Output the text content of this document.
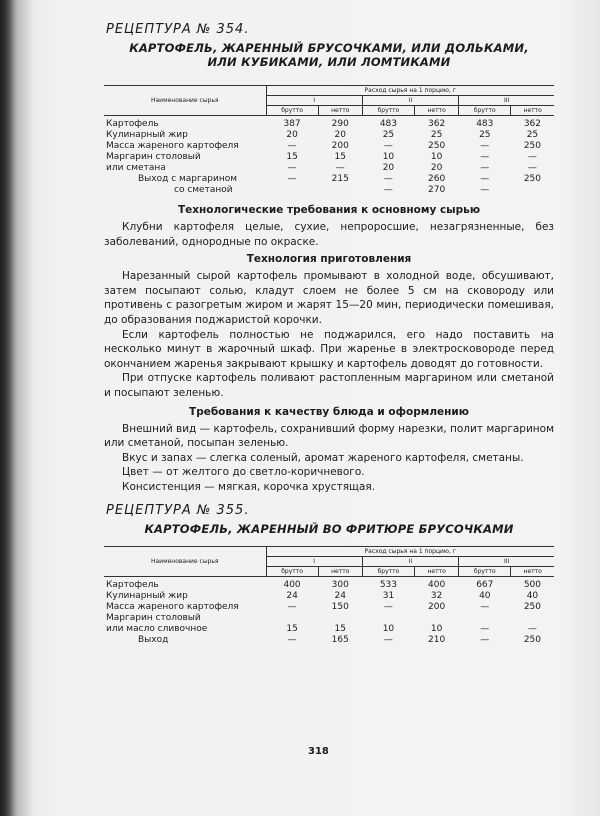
РЕЦЕПТУРА № 354.
КАРТОФЕЛЬ, ЖАРЕННЫЙ БРУСОЧКАМИ, ИЛИ ДОЛЬКАМИ,
ИЛИ КУБИКАМИ, ИЛИ ЛОМТИКАМИ
Наименование сырья	Расход сырья на 1 порцию, г					
	I		II		III	
	брутто	нетто	брутто	нетто	брутто	нетто
Картофель	387	290	483	362	483	362
Кулинарный жир	20	20	25	25	25	25
Масса жареного картофеля	—	200	—	250	—	250
Маргарин столовый	15	15	10	10	—	—
или сметана	—	—	20	20	—	—
Выход с маргарином	—	215	—	260	—	250
со сметаной			—	270	—	
Технологические требования к основному сырью

Клубни картофеля целые, сухие, непроросшие, незагрязненные, без заболеваний, однородные по окраске.

Технология приготовления

Нарезанный сырой картофель промывают в холодной воде, обсушивают, затем посыпают солью, кладут слоем не более 5 см на сковороду или противень с разогретым жиром и жарят 15—20 мин, периодически помешивая, до образования поджаристой корочки.

Если картофель полностью не поджарился, его надо поставить на несколько минут в жарочный шкаф. При жаренье в электросковороде перед окончанием жаренья закрывают крышку и картофель доводят до готовности.

При отпуске картофель поливают растопленным маргарином или сметаной и посыпают зеленью.

Требования к качеству блюда и оформлению

Внешний вид — картофель, сохранивший форму нарезки, полит маргарином или сметаной, посыпан зеленью.

Вкус и запах — слегка соленый, аромат жареного картофеля, сметаны.

Цвет — от желтого до светло-коричневого.

Консистенция — мягкая, корочка хрустящая.

РЕЦЕПТУРА № 355.
КАРТОФЕЛЬ, ЖАРЕННЫЙ ВО ФРИТЮРЕ БРУСОЧКАМИ
Наименование сырья	Расход сырья на 1 порцию, г					
	I		II		III	
	брутто	нетто	брутто	нетто	брутто	нетто
Картофель	400	300	533	400	667	500
Кулинарный жир	24	24	31	32	40	40
Масса жареного картофеля	—	150	—	200	—	250
Маргарин столовый						
или масло сливочное	15	15	10	10	—	—
Выход	—	165	—	210	—	250
318
